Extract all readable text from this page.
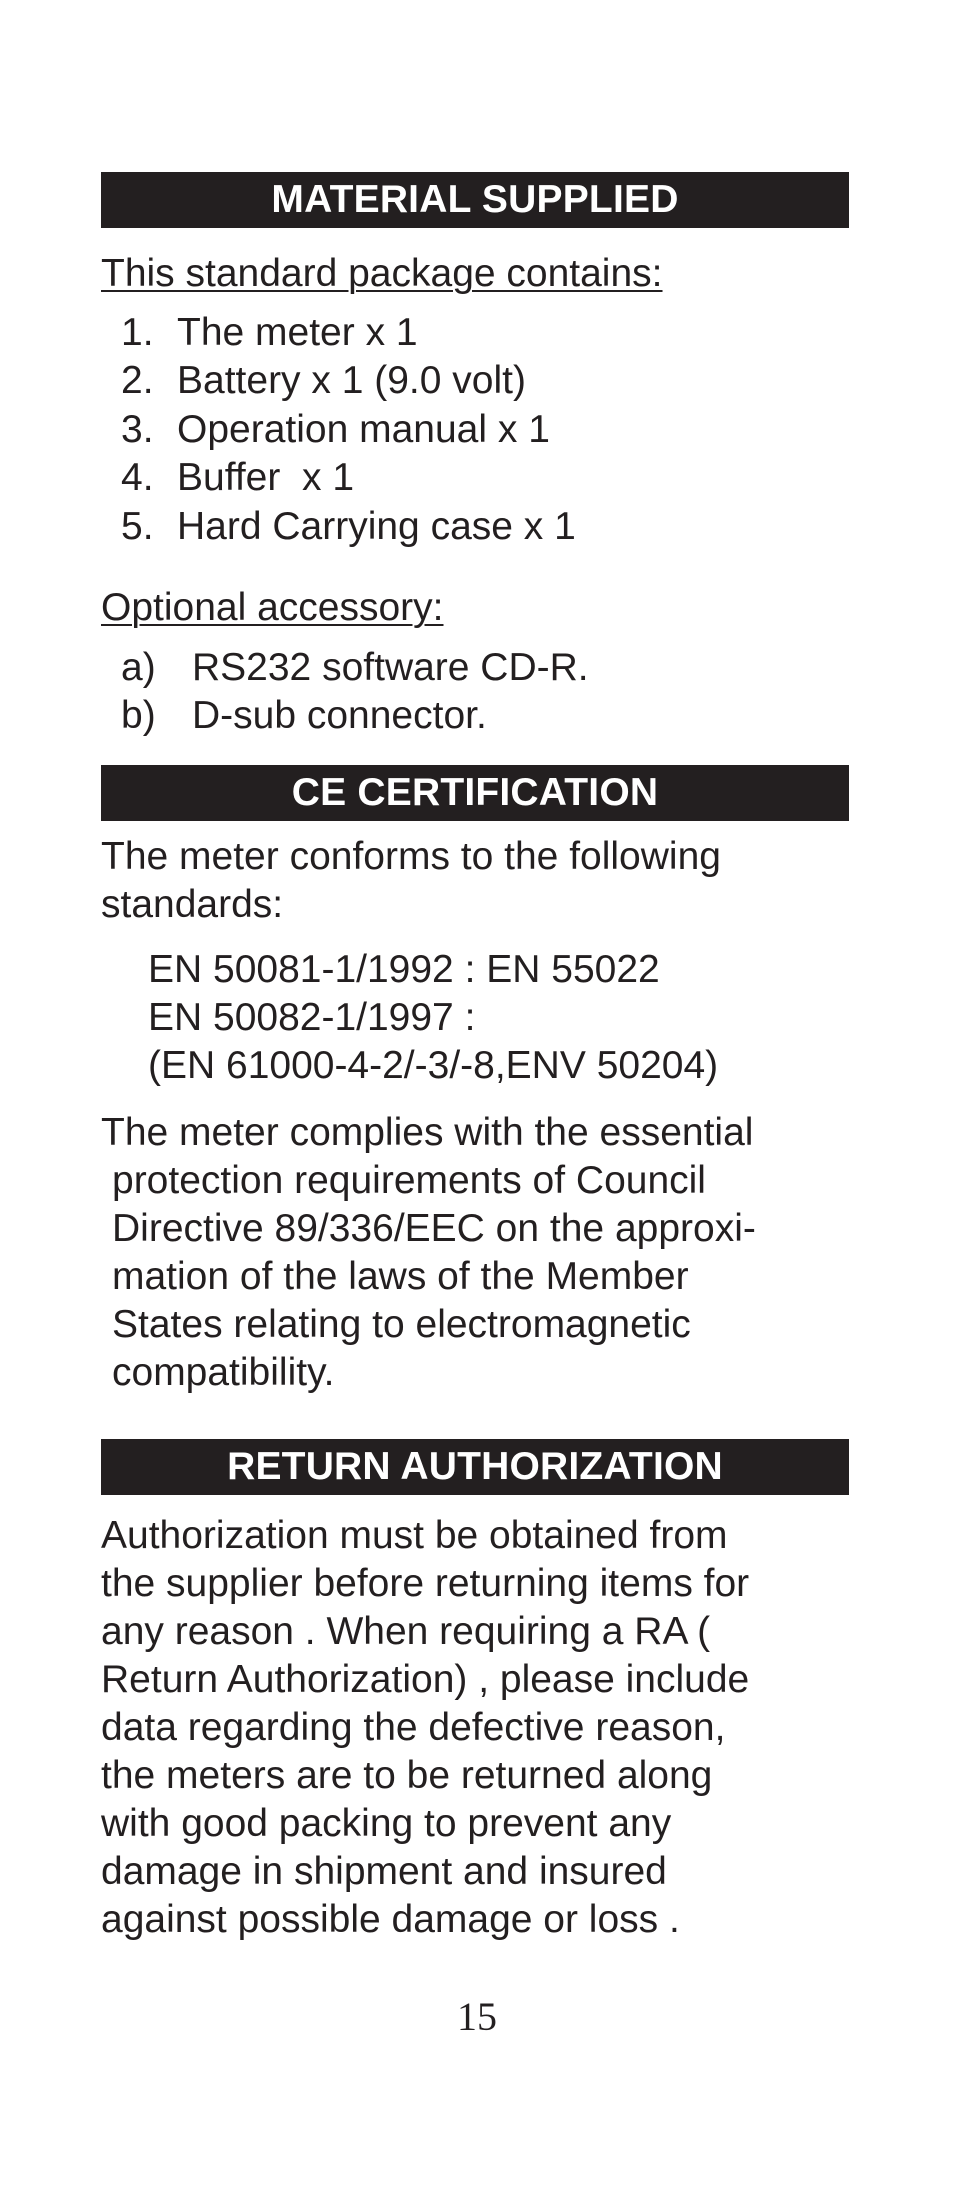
MATERIAL SUPPLIED
This standard package contains:
1. The meter x 1
2. Battery x 1 (9.0 volt)
3. Operation manual x 1
4. Buffer  x 1
5. Hard Carrying case x 1
Optional accessory:
a) RS232 software CD-R.
b) D-sub connector.
CE CERTIFICATION
The meter conforms to the following
standards:
EN 50081-1/1992 : EN 55022
EN 50082-1/1997 :
(EN 61000-4-2/-3/-8,ENV 50204)
The meter complies with the essential
protection requirements of Council
Directive 89/336/EEC on the approxi-
mation of the laws of the Member
States relating to electromagnetic
compatibility.
RETURN AUTHORIZATION
Authorization must be obtained from
the supplier before returning items for
any reason . When requiring a RA (
Return Authorization) , please include
data regarding the defective reason,
the meters are to be returned along
with good packing to prevent any
damage in shipment and insured
against possible damage or loss .
15
